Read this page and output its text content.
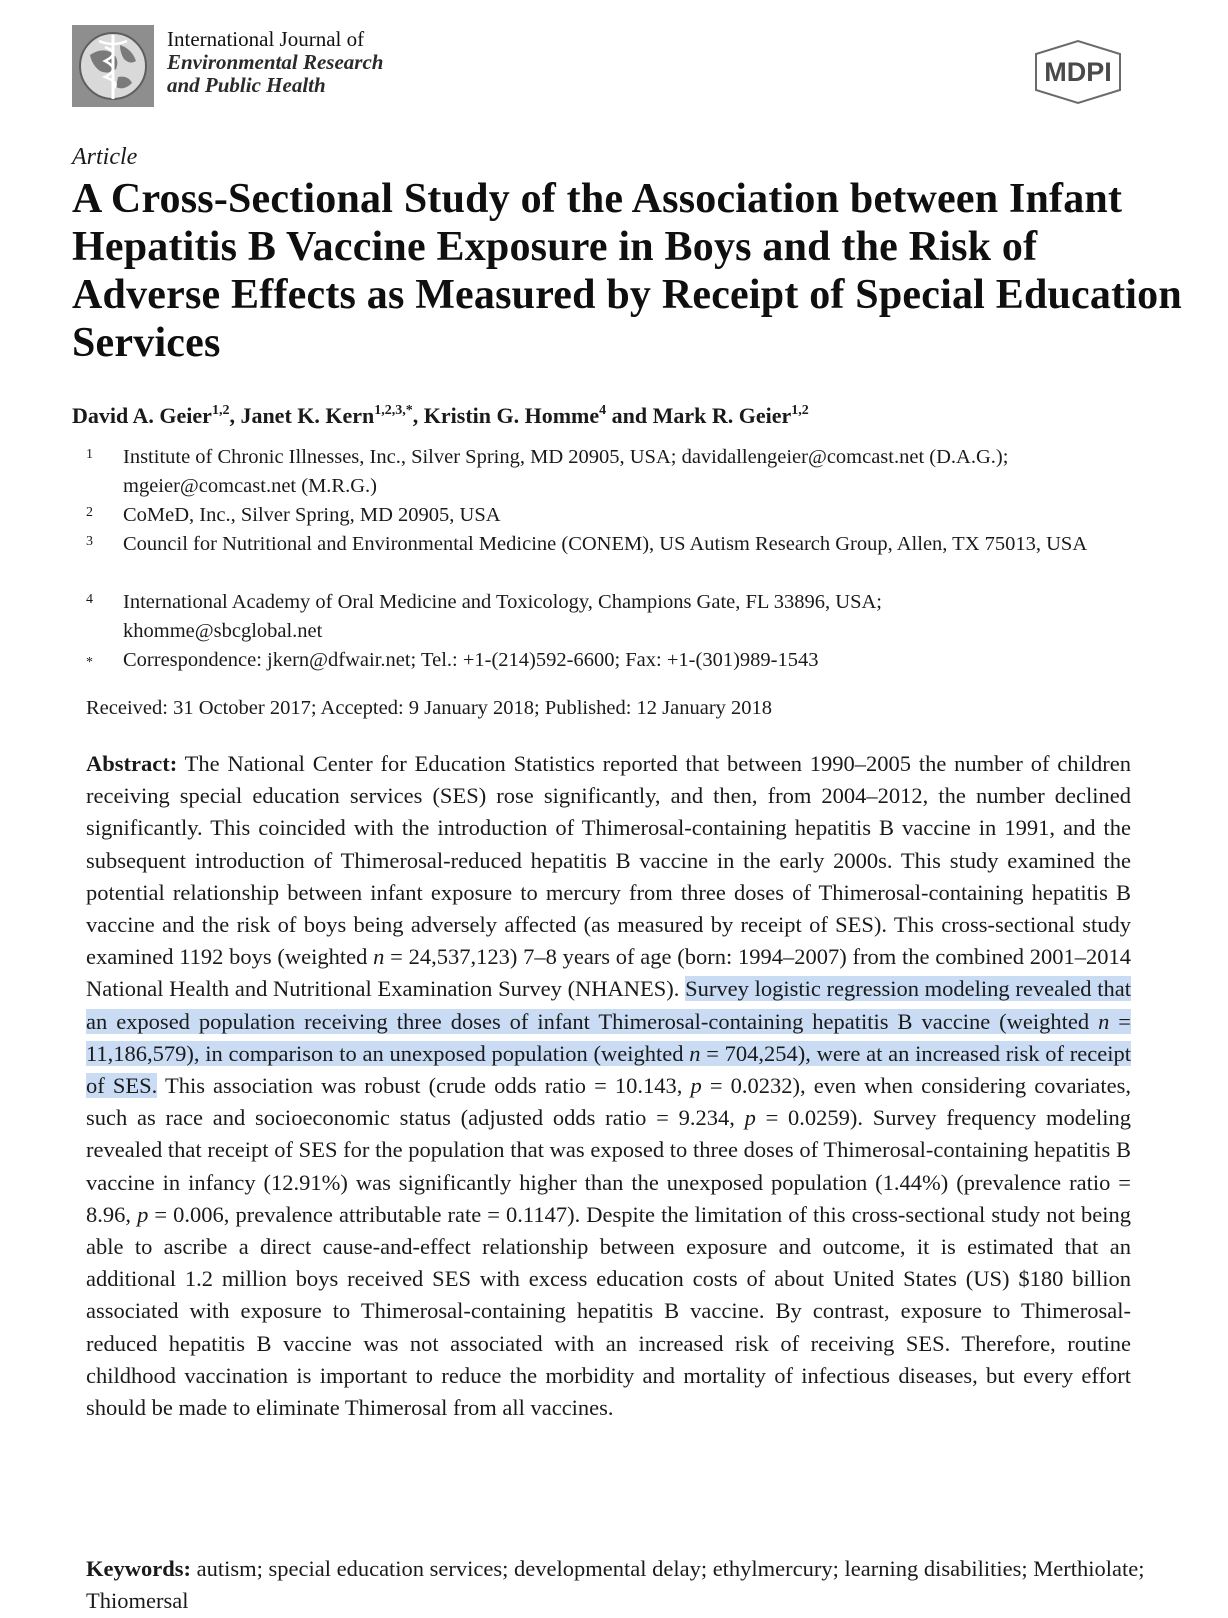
International Journal of
Environmental Research
and Public Health	MDPI
Article
A Cross-Sectional Study of the Association between Infant Hepatitis B Vaccine Exposure in Boys and the Risk of Adverse Effects as Measured by Receipt of Special Education Services
David A. Geier$^{1,2}$, Janet K. Kern$^{1,2,3,*}$, Kristin G. Homme$^4$ and Mark R. Geier$^{1,2}$
1 Institute of Chronic Illnesses, Inc., Silver Spring, MD 20905, USA; davidallengeier@comcast.net (D.A.G.); mgeier@comcast.net (M.R.G.)
2 CoMeD, Inc., Silver Spring, MD 20905, USA
3 Council for Nutritional and Environmental Medicine (CONEM), US Autism Research Group, Allen, TX 75013, USA
4 International Academy of Oral Medicine and Toxicology, Champions Gate, FL 33896, USA; khomme@sbcglobal.net
* Correspondence: jkern@dfwair.net; Tel.: +1-(214)592-6600; Fax: +1-(301)989-1543
Received: 31 October 2017; Accepted: 9 January 2018; Published: 12 January 2018
Abstract: The National Center for Education Statistics reported that between 1990–2005 the number of children receiving special education services (SES) rose significantly, and then, from 2004–2012, the number declined significantly. This coincided with the introduction of Thimerosal-containing hepatitis B vaccine in 1991, and the subsequent introduction of Thimerosal-reduced hepatitis B vaccine in the early 2000s. This study examined the potential relationship between infant exposure to mercury from three doses of Thimerosal-containing hepatitis B vaccine and the risk of boys being adversely affected (as measured by receipt of SES). This cross-sectional study examined 1192 boys (weighted n = 24,537,123) 7–8 years of age (born: 1994–2007) from the combined 2001–2014 National Health and Nutritional Examination Survey (NHANES). Survey logistic regression modeling revealed that an exposed population receiving three doses of infant Thimerosal-containing hepatitis B vaccine (weighted n = 11,186,579), in comparison to an unexposed population (weighted n = 704,254), were at an increased risk of receipt of SES. This association was robust (crude odds ratio = 10.143, p = 0.0232), even when considering covariates, such as race and socioeconomic status (adjusted odds ratio = 9.234, p = 0.0259). Survey frequency modeling revealed that receipt of SES for the population that was exposed to three doses of Thimerosal-containing hepatitis B vaccine in infancy (12.91%) was significantly higher than the unexposed population (1.44%) (prevalence ratio = 8.96, p = 0.006, prevalence attributable rate = 0.1147). Despite the limitation of this cross-sectional study not being able to ascribe a direct cause-and-effect relationship between exposure and outcome, it is estimated that an additional 1.2 million boys received SES with excess education costs of about United States (US) $180 billion associated with exposure to Thimerosal-containing hepatitis B vaccine. By contrast, exposure to Thimerosal-reduced hepatitis B vaccine was not associated with an increased risk of receiving SES. Therefore, routine childhood vaccination is important to reduce the morbidity and mortality of infectious diseases, but every effort should be made to eliminate Thimerosal from all vaccines.
Keywords: autism; special education services; developmental delay; ethylmercury; learning disabilities; Merthiolate; Thiomersal
